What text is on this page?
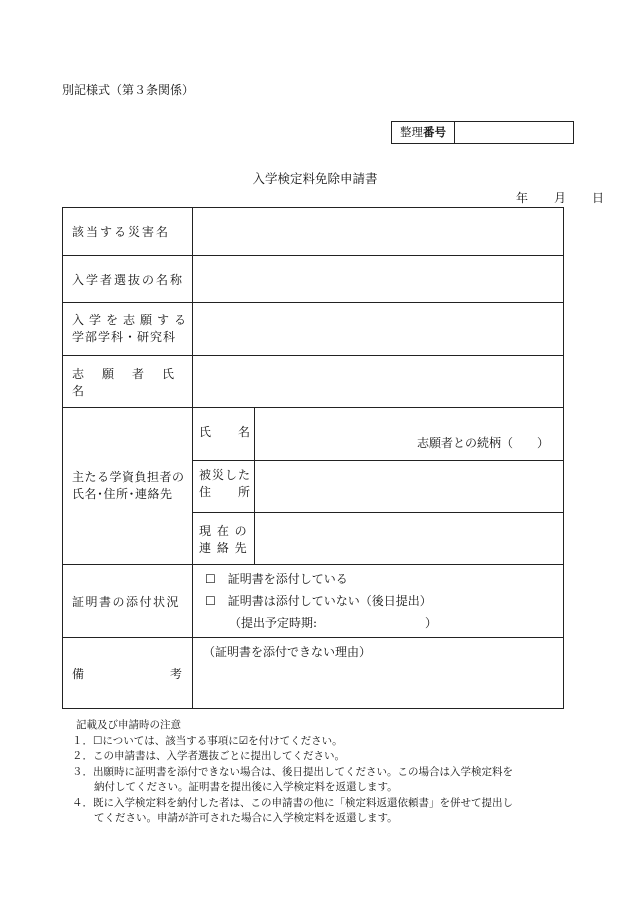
別記様式（第３条関係）
整理番号
入学検定料免除申請書
年 月 日
該当する災害名
入学者選抜の名称
入学を志願する
学部学科・研究科
志　願　者　氏　名
主たる学資負担者の
氏名･住所･連絡先
氏　　名
志願者との続柄（　　）
被災した
住　　所
現 在 の
連 絡 先
証明書の添付状況
☐　証明書を添付している
☐　証明書は添付していない（後日提出）
（提出予定時期:　　　　　　　　　）
備	考
（証明書を添付できない理由）
記載及び申請時の注意
１．☐については、該当する事項に☑を付けてください。
２．この申請書は、入学者選抜ごとに提出してください。
３．出願時に証明書を添付できない場合は、後日提出してください。この場合は入学検定料を
納付してください。証明書を提出後に入学検定料を返還します。
４．既に入学検定料を納付した者は、この申請書の他に「検定料返還依頼書」を併せて提出し
てください。申請が許可された場合に入学検定料を返還します。
